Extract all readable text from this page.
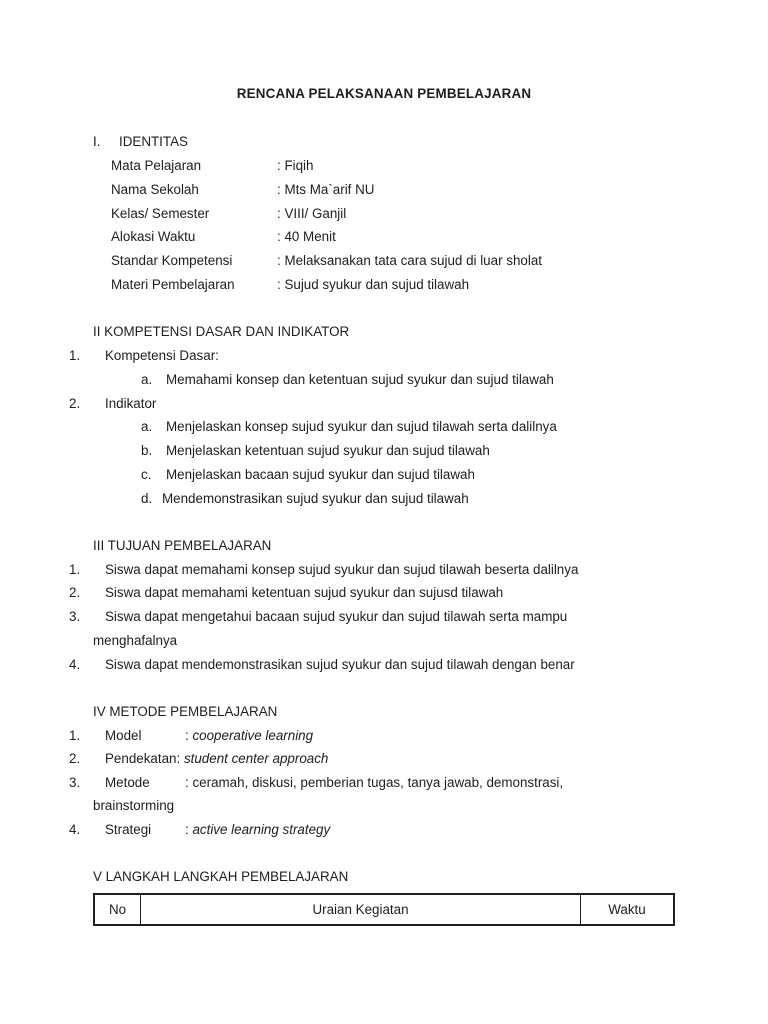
RENCANA PELAKSANAAN PEMBELAJARAN
I. IDENTITAS
Mata Pelajaran	: Fiqih
Nama Sekolah	: Mts Ma`arif NU
Kelas/ Semester	: VIII/ Ganjil
Alokasi Waktu	: 40 Menit
Standar Kompetensi	: Melaksanakan tata cara sujud di luar sholat
Materi Pembelajaran	: Sujud syukur dan sujud tilawah
II KOMPETENSI DASAR DAN INDIKATOR
1. Kompetensi Dasar:
a. Memahami konsep dan ketentuan sujud syukur dan sujud tilawah
2. Indikator
a. Menjelaskan konsep sujud syukur dan sujud tilawah serta dalilnya
b. Menjelaskan ketentuan sujud syukur dan sujud tilawah
c. Menjelaskan bacaan sujud syukur dan sujud tilawah
d. Mendemonstrasikan sujud syukur dan sujud tilawah
III TUJUAN PEMBELAJARAN
1. Siswa dapat memahami konsep sujud syukur dan sujud tilawah beserta dalilnya
2. Siswa dapat memahami ketentuan sujud syukur dan sujusd tilawah
3. Siswa dapat mengetahui bacaan sujud syukur dan sujud tilawah serta mampu
menghafalnya
4. Siswa dapat mendemonstrasikan sujud syukur dan sujud tilawah dengan benar
IV METODE PEMBELAJARAN
1. Model	: cooperative learning
2. Pendekatan: student center approach
3. Metode	: ceramah, diskusi, pemberian tugas, tanya jawab, demonstrasi,
brainstorming
4. Strategi	: active learning strategy
V LANGKAH LANGKAH PEMBELAJARAN
No	Uraian Kegiatan	Waktu
